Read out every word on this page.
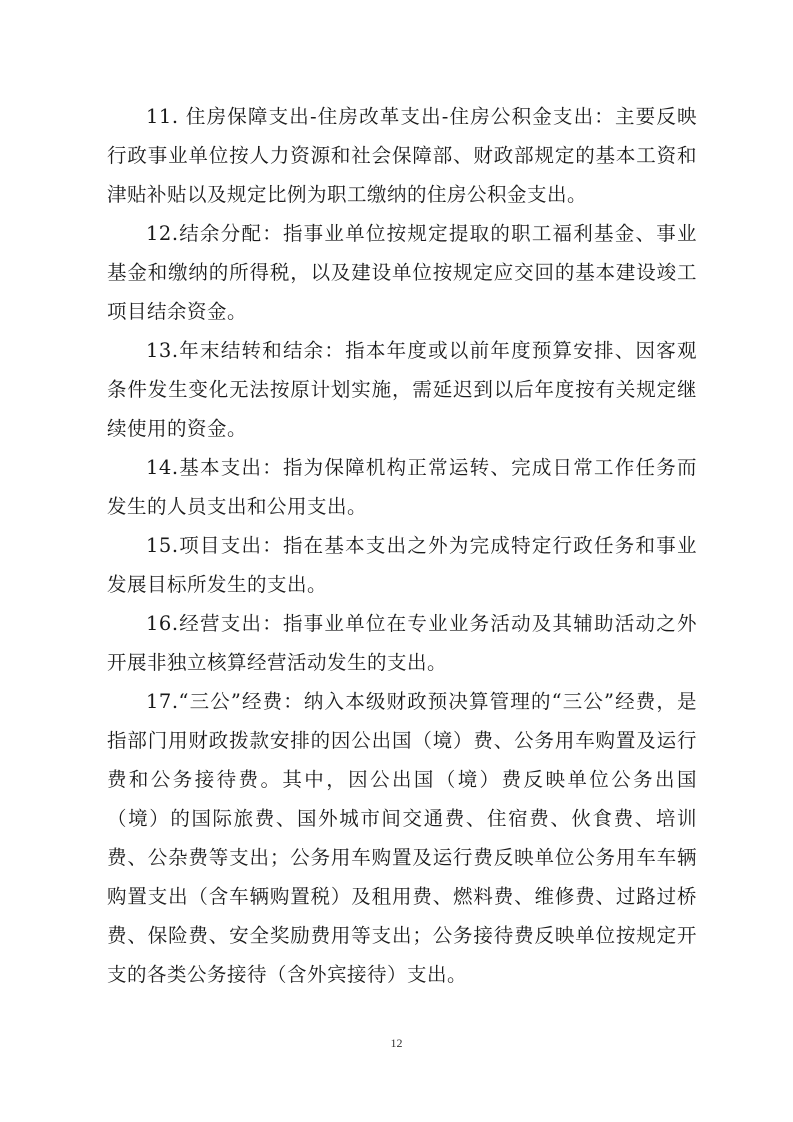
11. 住房保障支出-住房改革支出-住房公积金支出：主要反映行政事业单位按人力资源和社会保障部、财政部规定的基本工资和津贴补贴以及规定比例为职工缴纳的住房公积金支出。

12.结余分配：指事业单位按规定提取的职工福利基金、事业基金和缴纳的所得税，以及建设单位按规定应交回的基本建设竣工项目结余资金。

13.年末结转和结余：指本年度或以前年度预算安排、因客观条件发生变化无法按原计划实施，需延迟到以后年度按有关规定继续使用的资金。

14.基本支出：指为保障机构正常运转、完成日常工作任务而发生的人员支出和公用支出。

15.项目支出：指在基本支出之外为完成特定行政任务和事业发展目标所发生的支出。

16.经营支出：指事业单位在专业业务活动及其辅助活动之外开展非独立核算经营活动发生的支出。

17.“三公”经费：纳入本级财政预决算管理的“三公”经费，是指部门用财政拨款安排的因公出国（境）费、公务用车购置及运行费和公务接待费。其中，因公出国（境）费反映单位公务出国（境）的国际旅费、国外城市间交通费、住宿费、伙食费、培训费、公杂费等支出；公务用车购置及运行费反映单位公务用车车辆购置支出（含车辆购置税）及租用费、燃料费、维修费、过路过桥费、保险费、安全奖励费用等支出；公务接待费反映单位按规定开支的各类公务接待（含外宾接待）支出。

12
